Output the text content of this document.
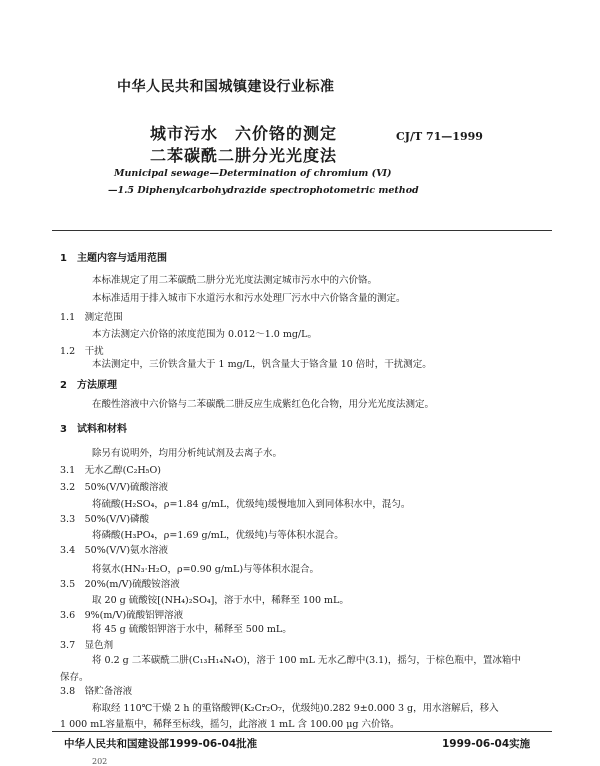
中华人民共和国城镇建设行业标准
城市污水　六价铬的测定
二苯碳酰二肼分光光度法
CJ/T 71—1999
Municipal sewage—Determination of chromium (Ⅵ)
—1.5 Diphenylcarbohydrazide spectrophotometric method
1　主题内容与适用范围
本标准规定了用二苯碳酰二肼分光光度法测定城市污水中的六价铬。
本标准适用于排入城市下水道污水和污水处理厂污水中六价铬含量的测定。
1.1　测定范围
本方法测定六价铬的浓度范围为 0.012～1.0 mg/L。
1.2　干扰
本法测定中，三价铁含量大于 1 mg/L，钒含量大于铬含量 10 倍时，干扰测定。
2　方法原理
在酸性溶液中六价铬与二苯碳酰二肼反应生成紫红色化合物，用分光光度法测定。
3　试料和材料
除另有说明外，均用分析纯试剂及去离子水。
3.1　无水乙醇(C₂H₅O)
3.2　50%(V/V)硫酸溶液
将硫酸(H₂SO₄，ρ=1.84 g/mL，优级纯)缓慢地加入到同体积水中，混匀。
3.3　50%(V/V)磷酸
将磷酸(H₃PO₄，ρ=1.69 g/mL，优级纯)与等体积水混合。
3.4　50%(V/V)氨水溶液
将氨水(HN₃·H₂O，ρ=0.90 g/mL)与等体积水混合。
3.5　20%(m/V)硫酸铵溶液
取 20 g 硫酸铵[(NH₄)₂SO₄]，溶于水中，稀释至 100 mL。
3.6　9%(m/V)硫酸铝钾溶液
将 45 g 硫酸铝钾溶于水中，稀释至 500 mL。
3.7　显色剂
将 0.2 g 二苯碳酰二肼(C₁₃H₁₄N₄O)，溶于 100 mL 无水乙醇中(3.1)，摇匀，于棕色瓶中，置冰箱中
保存。
3.8　铬贮备溶液
称取经 110℃干燥 2 h 的重铬酸钾(K₂Cr₂O₇，优级纯)0.282 9±0.000 3 g，用水溶解后，移入
1 000 mL容量瓶中，稀释至标线，摇匀，此溶液 1 mL 含 100.00 μg 六价铬。
中华人民共和国建设部1999-06-04批准	1999-06-04实施
202
